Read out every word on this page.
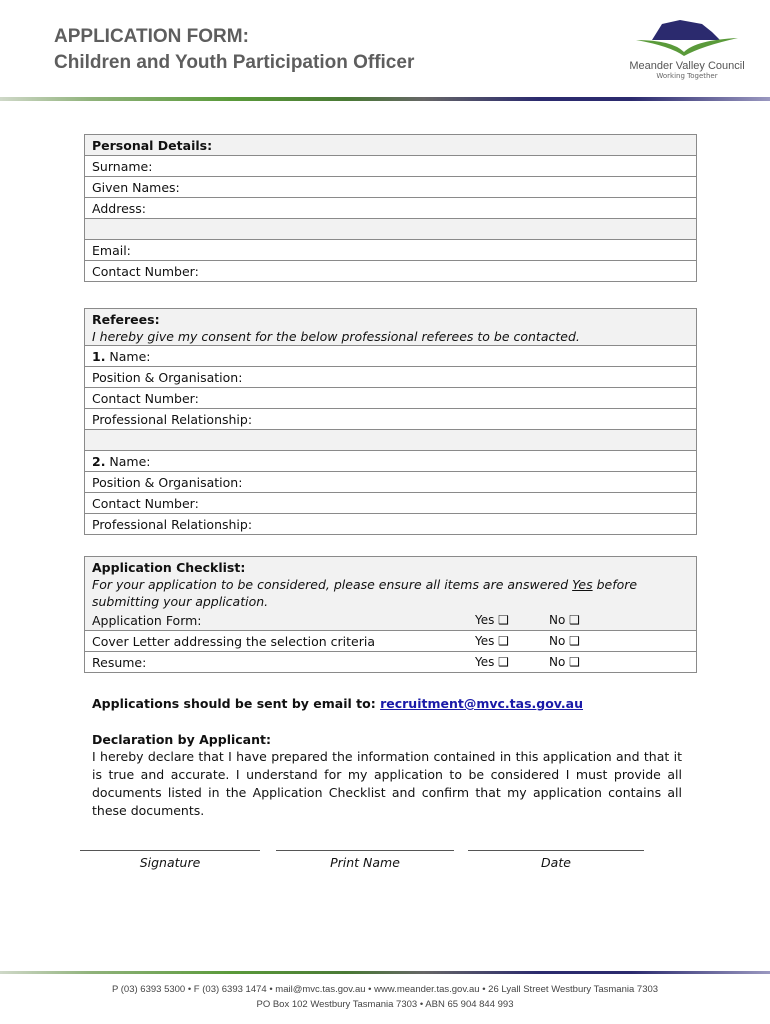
APPLICATION FORM:
Children and Youth Participation Officer	Meander Valley Council
Working Together
Personal Details:
Surname:
Given Names:
Address:

Email:
Contact Number:
Referees:
I hereby give my consent for the below professional referees to be contacted.

1. Name:
Position & Organisation:
Contact Number:
Professional Relationship:

2. Name:
Position & Organisation:
Contact Number:
Professional Relationship:
Application Checklist:
For your application to be considered, please ensure all items are answered Yes before submitting your application.		

Application Form:	Yes ❑	No ❑
Cover Letter addressing the selection criteria	Yes ❑	No ❑
Resume:	Yes ❑	No ❑
Applications should be sent by email to: recruitment@mvc.tas.gov.au
Declaration by Applicant:
I hereby declare that I have prepared the information contained in this application and that it is true and accurate. I understand for my application to be considered I must provide all documents listed in the Application Checklist and confirm that my application contains all these documents.
Signature	Print Name	Date
P (03) 6393 5300 • F (03) 6393 1474 • mail@mvc.tas.gov.au • www.meander.tas.gov.au • 26 Lyall Street Westbury Tasmania 7303
PO Box 102 Westbury Tasmania 7303 • ABN 65 904 844 993
